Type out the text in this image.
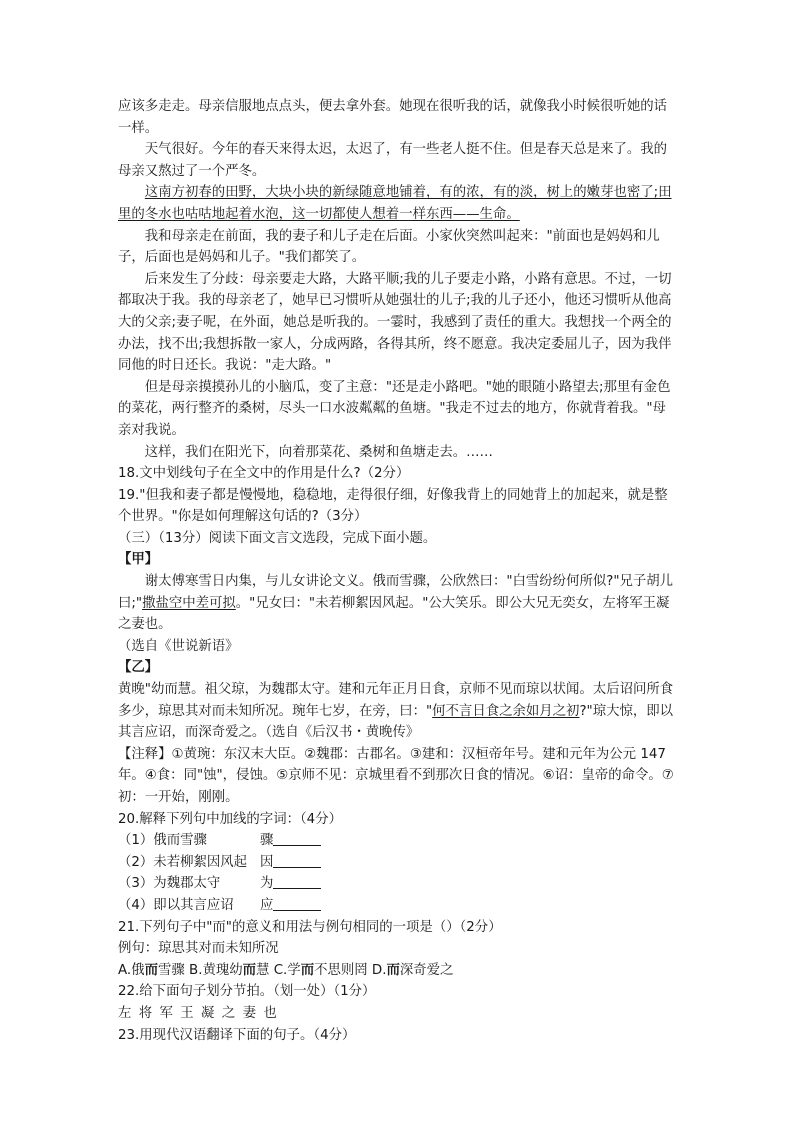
应该多走走。母亲信服地点点头，便去拿外套。她现在很听我的话，就像我小时候很听她的话一样。

天气很好。今年的春天来得太迟，太迟了，有一些老人挺不住。但是春天总是来了。我的母亲又熬过了一个严冬。

这南方初春的田野，大块小块的新绿随意地铺着，有的浓，有的淡，树上的嫩芽也密了;田里的冬水也咕咕地起着水泡，这一切都使人想着一样东西——生命。

我和母亲走在前面，我的妻子和儿子走在后面。小家伙突然叫起来："前面也是妈妈和儿子，后面也是妈妈和儿子。"我们都笑了。

后来发生了分歧：母亲要走大路，大路平顺;我的儿子要走小路，小路有意思。不过，一切都取决于我。我的母亲老了，她早已习惯听从她强壮的儿子;我的儿子还小，他还习惯听从他高大的父亲;妻子呢，在外面，她总是听我的。一霎时，我感到了责任的重大。我想找一个两全的办法，找不出;我想拆散一家人，分成两路，各得其所，终不愿意。我决定委屈儿子，因为我伴同他的时日还长。我说："走大路。"

但是母亲摸摸孙儿的小脑瓜，变了主意："还是走小路吧。"她的眼随小路望去;那里有金色的菜花，两行整齐的桑树，尽头一口水波粼粼的鱼塘。"我走不过去的地方，你就背着我。"母亲对我说。

这样，我们在阳光下，向着那菜花、桑树和鱼塘走去。……

18.文中划线句子在全文中的作用是什么?（2分）

19."但我和妻子都是慢慢地，稳稳地，走得很仔细，好像我背上的同她背上的加起来，就是整个世界。"你是如何理解这句话的?（3分）

（三）（13分）阅读下面文言文选段，完成下面小题。

【甲】

谢太傅寒雪日内集，与儿女讲论文义。俄而雪骤，公欣然曰："白雪纷纷何所似?"兄子胡儿曰;"撒盐空中差可拟。"兄女曰："未若柳絮因风起。"公大笑乐。即公大兄无奕女，左将军王凝之妻也。

（选自《世说新语》

【乙】

黄晚"幼而慧。祖父琼，为魏郡太守。建和元年正月日食，京师不见而琼以状闻。太后诏问所食多少，琼思其对而未知所况。琬年七岁，在旁，曰："何不言日食之余如月之初?"琼大惊，即以其言应诏，而深奇爱之。（选自《后汉书・黄晚传》

【注释】①黄琬：东汉末大臣。②魏郡：古郡名。③建和：汉桓帝年号。建和元年为公元 147 年。④食：同"蚀"，侵蚀。⑤京师不见：京城里看不到那次日食的情况。⑥诏：皇帝的命令。⑦初：一开始，刚刚。

20.解释下列句中加线的字词：（4分）

（1）俄而雪骤	骤

（2）未若柳絮因风起 因

（3）为魏郡太守	为

（4）即以其言应诏 应

21.下列句子中"而"的意义和用法与例句相同的一项是（）（2分）

例句：琼思其对而未知所况

A.俄而雪骤 B.黄瑰幼而慧 C.学而不思则罔 D.而深奇爱之

22.给下面句子划分节拍。（划一处）（1分）

左将军王凝之妻也

23.用现代汉语翻译下面的句子。（4分）
